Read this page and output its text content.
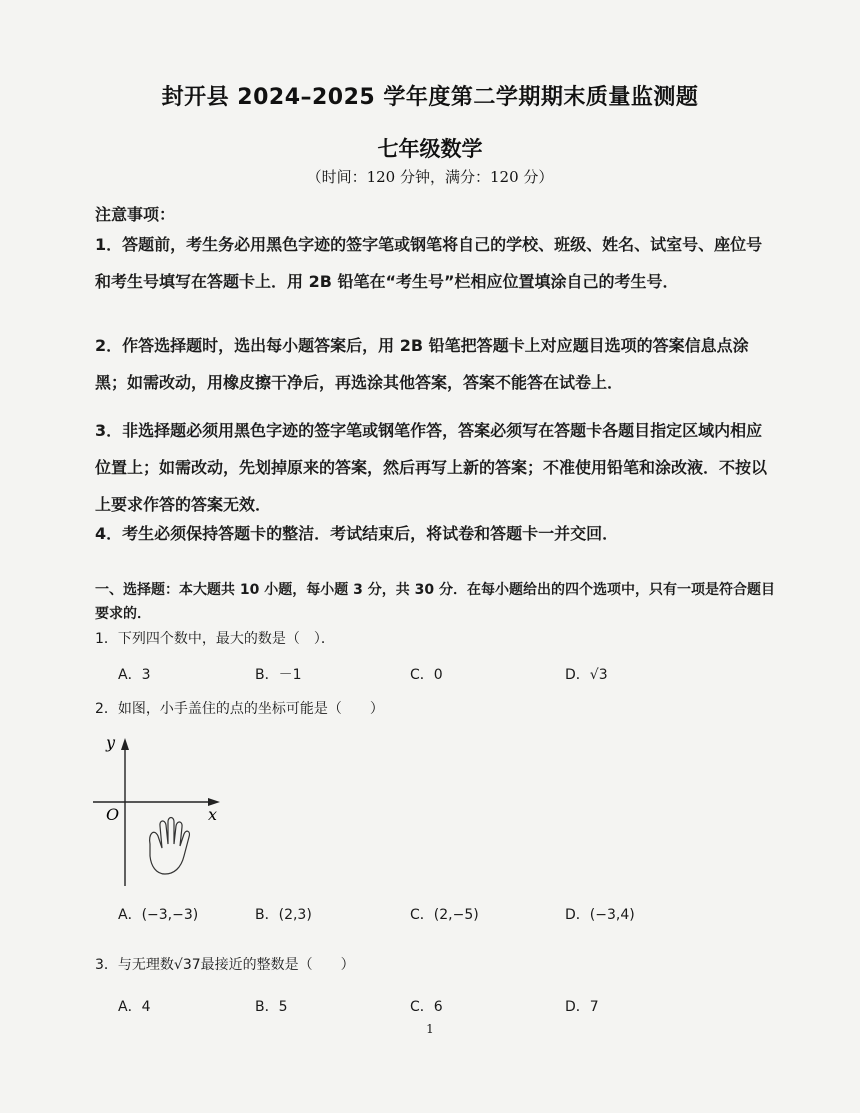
封开县 2024–2025 学年度第二学期期末质量监测题
七年级数学
（时间：120 分钟，满分：120 分）
注意事项：
1．答题前，考生务必用黑色字迹的签字笔或钢笔将自己的学校、班级、姓名、试室号、座位号和考生号填写在答题卡上．用 2B 铅笔在“考生号”栏相应位置填涂自己的考生号．
2．作答选择题时，选出每小题答案后，用 2B 铅笔把答题卡上对应题目选项的答案信息点涂黑；如需改动，用橡皮擦干净后，再选涂其他答案，答案不能答在试卷上．
3．非选择题必须用黑色字迹的签字笔或钢笔作答，答案必须写在答题卡各题目指定区域内相应位置上；如需改动，先划掉原来的答案，然后再写上新的答案；不准使用铅笔和涂改液．不按以上要求作答的答案无效．
4．考生必须保持答题卡的整洁．考试结束后，将试卷和答题卡一并交回．
一、选择题：本大题共 10 小题，每小题 3 分，共 30 分．在每小题给出的四个选项中，只有一项是符合题目要求的．
1．下列四个数中，最大的数是（　）．
A．3	B．－1	C．0	D．√3
2．如图，小手盖住的点的坐标可能是（　　）
y
x
O
A．(−3,−3)	B．(2,3)	C．(2,−5)	D．(−3,4)
3．与无理数√37最接近的整数是（　　）
A．4	B．5	C．6	D．7
1
